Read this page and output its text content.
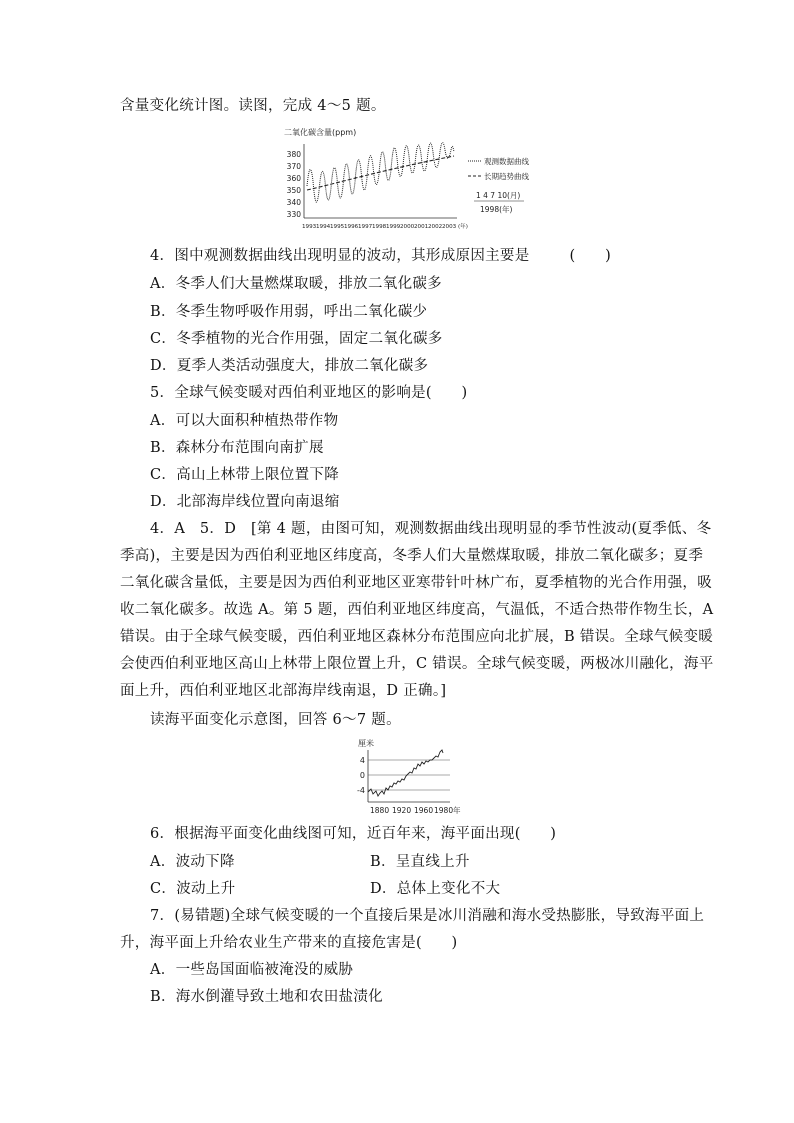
含量变化统计图。读图，完成 4～5 题。
二氧化碳含量(ppm)
380
370
360
350
340
330
1993 1994 1995 1996 1997 1998 1999 2000 2001 2002 2003 (年)
观测数据曲线
长期趋势曲线
1 4 7 10(月)
1998(年)
4．图中观测数据曲线出现明显的波动，其形成原因主要是	(　　)
A．冬季人们大量燃煤取暖，排放二氧化碳多
B．冬季生物呼吸作用弱，呼出二氧化碳少
C．冬季植物的光合作用强，固定二氧化碳多
D．夏季人类活动强度大，排放二氧化碳多
5．全球气候变暖对西伯利亚地区的影响是(　　)
A．可以大面积种植热带作物
B．森林分布范围向南扩展
C．高山上林带上限位置下降
D．北部海岸线位置向南退缩
4．A　5．D　[第 4 题，由图可知，观测数据曲线出现明显的季节性波动(夏季低、冬
季高)，主要是因为西伯利亚地区纬度高，冬季人们大量燃煤取暖，排放二氧化碳多；夏季
二氧化碳含量低，主要是因为西伯利亚地区亚寒带针叶林广布，夏季植物的光合作用强，吸
收二氧化碳多。故选 A。第 5 题，西伯利亚地区纬度高，气温低，不适合热带作物生长，A
错误。由于全球气候变暖，西伯利亚地区森林分布范围应向北扩展，B 错误。全球气候变暖
会使西伯利亚地区高山上林带上限位置上升，C 错误。全球气候变暖，两极冰川融化，海平
面上升，西伯利亚地区北部海岸线南退，D 正确。]
读海平面变化示意图，回答 6～7 题。
厘米
4
0
-4
1880 1920 1960 1980 年
6．根据海平面变化曲线图可知，近百年来，海平面出现(　　)
A．波动下降	B．呈直线上升
C．波动上升	D．总体上变化不大
7．(易错题)全球气候变暖的一个直接后果是冰川消融和海水受热膨胀，导致海平面上
升，海平面上升给农业生产带来的直接危害是(　　)
A．一些岛国面临被淹没的威胁
B．海水倒灌导致土地和农田盐渍化
